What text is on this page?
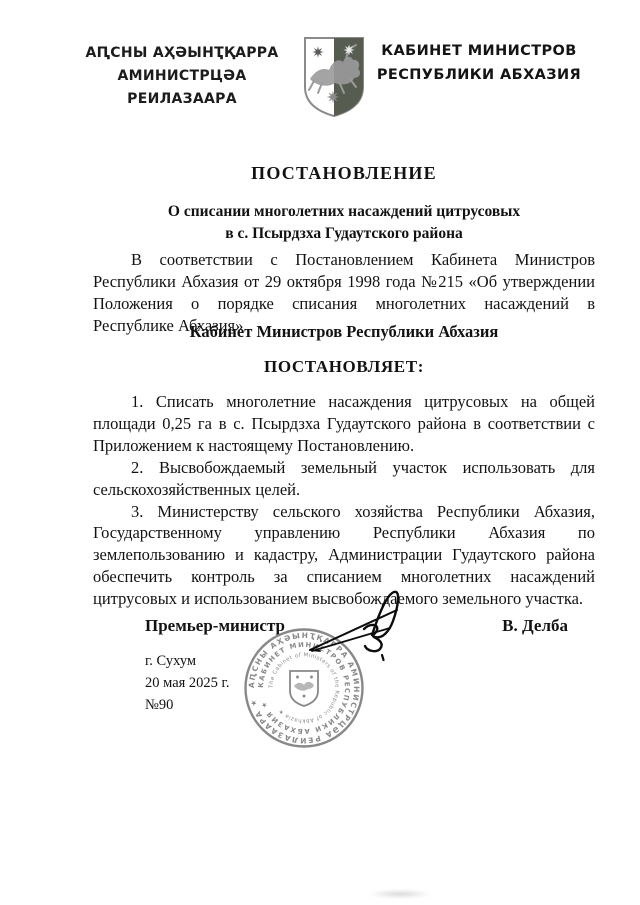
АԤСНЫ АҲӘЫНҬҚАРРА
АМИНИСТРЦӘА РЕИЛАЗААРА
КАБИНЕТ МИНИСТРОВ
РЕСПУБЛИКИ АБХАЗИЯ
ПОСТАНОВЛЕНИЕ
О списании многолетних насаждений цитрусовых
в с. Псырдзха Гудаутского района

В соответствии с Постановлением Кабинета Министров Республики Абхазия от 29 октября 1998 года №215 «Об утверждении Положения о порядке списания многолетних насаждений в Республике Абхазия»

Кабинет Министров Республики Абхазия
ПОСТАНОВЛЯЕТ:

1. Списать многолетние насаждения цитрусовых на общей площади 0,25 га в с. Псырдзха Гудаутского района в соответствии с Приложением к настоящему Постановлению.

2. Высвобождаемый земельный участок использовать для сельскохозяйственных целей.

3. Министерству сельского хозяйства Республики Абхазия, Государственному управлению Республики Абхазия по землепользованию и кадастру, Администрации Гудаутского района обеспечить контроль за списанием многолетних насаждений цитрусовых и использованием высвобождаемого земельного участка.

Премьер-министр	В. Делба
г. Сухум
20 мая 2025 г.
№90
АԤСНЫ АҲӘЫНҬҚАРРА АМИНИСТРЦӘА РЕИЛАЗААРА ★
КАБИНЕТ МИНИСТРОВ РЕСПУБЛИКИ АБХАЗИЯ ★
The Cabinet of Ministers of the Republic of Abkhazia ★
